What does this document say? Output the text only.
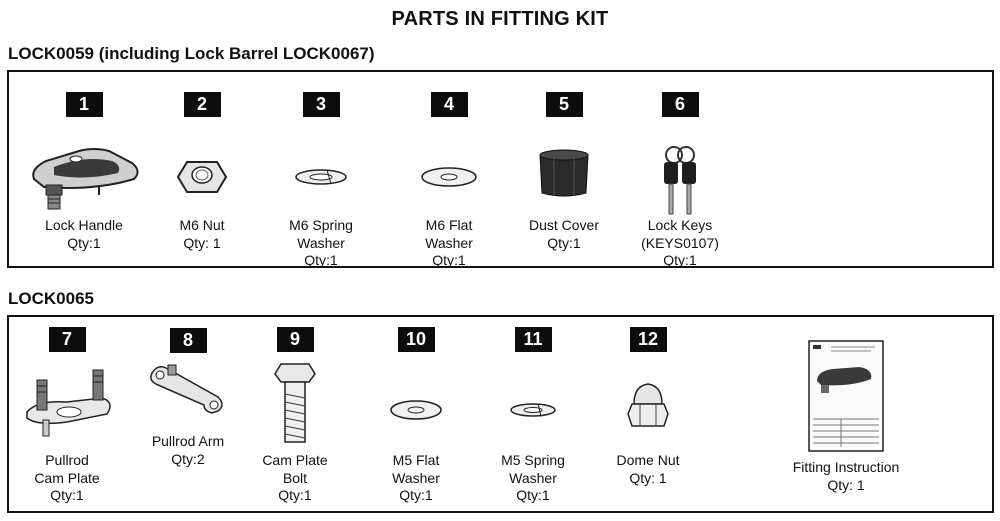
PARTS IN FITTING KIT
LOCK0059 (including Lock Barrel LOCK0067)
LOCK0065
1
Lock Handle
Qty:1
2
M6 Nut
Qty: 1
3
M6 Spring
Washer
Qty:1
4
M6 Flat
Washer
Qty:1
5
Dust Cover
Qty:1
6
Lock Keys
(KEYS0107)
Qty:1
7
Pullrod
Cam Plate
Qty:1
8
Pullrod Arm
Qty:2
9
Cam Plate
Bolt
Qty:1
10
M5 Flat
Washer
Qty:1
11
M5 Spring
Washer
Qty:1
12
Dome Nut
Qty: 1
Fitting Instruction
Qty: 1
